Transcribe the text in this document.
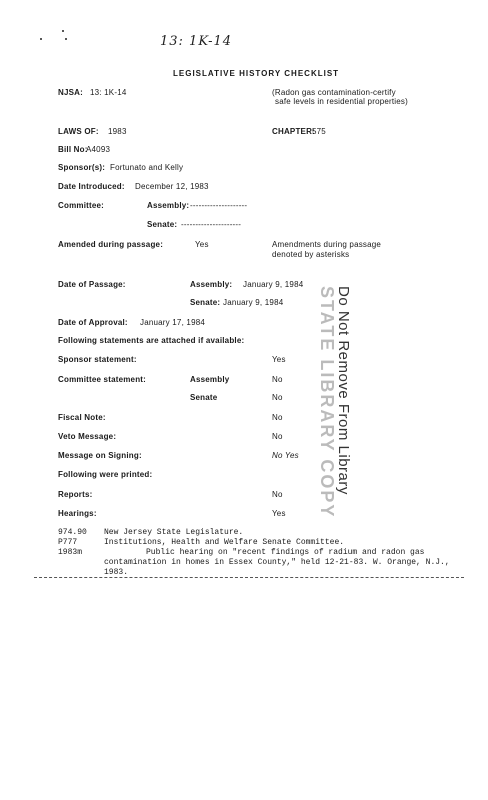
13: 1K-14
LEGISLATIVE HISTORY CHECKLIST
NJSA: 13: 1K-14	(Radon gas contamination-certify
safe levels in residential properties)
LAWS OF: 1983	CHAPTER:
575
Bill No:
A4093
Sponsor(s): Fortunato and Kelly
Date Introduced: December 12, 1983
Committee:	Assembly: --------------------
Senate: ---------------------
Amended during passage:	Yes	Amendments during passage
denoted by asterisks
Date of Passage:	Assembly: January 9, 1984
Senate: January 9, 1984
Date of Approval: January 17, 1984
Following statements are attached if available:
Sponsor statement:	Yes
Committee statement:	Assembly	No
Senate	No
Fiscal Note:	No
Veto Message:	No
Message on Signing:	No Yes
Following were printed:
Reports:	No
Hearings:	Yes
974.90 New Jersey State Legislature.
P777	Institutions, Health and Welfare Senate Committee.
1983m	Public hearing on "recent findings of radium and radon gas
contamination in homes in Essex County," held 12-21-83. W. Orange, N.J.,
1983.
Do Not Remove From Library
STATE LIBRARY COPY
